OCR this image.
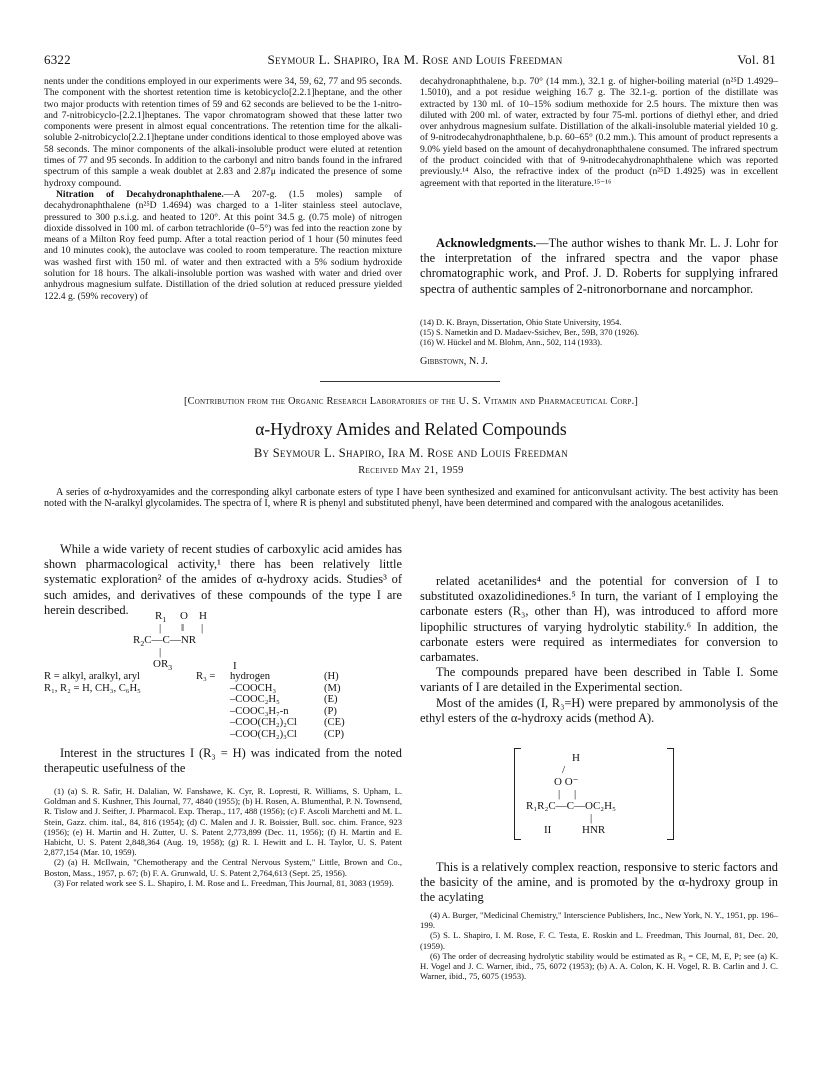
6322	Seymour L. Shapiro, Ira M. Rose and Louis Freedman	Vol. 81

nents under the conditions employed in our experiments were 34, 59, 62, 77 and 95 seconds. The component with the shortest retention time is ketobicyclo[2.2.1]heptane, and the other two major products with retention times of 59 and 62 seconds are believed to be the 1-nitro- and 7-nitrobicyclo-[2.2.1]heptanes. The vapor chromatogram showed that these latter two components were present in almost equal concentrations. The retention time for the alkali-soluble 2-nitrobicyclo[2.2.1]heptane under conditions identical to those employed above was 58 seconds. The minor components of the alkali-insoluble product were eluted at retention times of 77 and 95 seconds. In addition to the carbonyl and nitro bands found in the infrared spectrum of this sample a weak doublet at 2.83 and 2.87μ indicated the presence of some hydroxy compound.

Nitration of Decahydronaphthalene.—A 207-g. (1.5 moles) sample of decahydronaphthalene (n²⁵D 1.4694) was charged to a 1-liter stainless steel autoclave, pressured to 300 p.s.i.g. and heated to 120°. At this point 34.5 g. (0.75 mole) of nitrogen dioxide dissolved in 100 ml. of carbon tetrachloride (0–5°) was fed into the reaction zone by means of a Milton Roy feed pump. After a total reaction period of 1 hour (50 minutes feed and 10 minutes cook), the autoclave was cooled to room temperature. The reaction mixture was washed first with 150 ml. of water and then extracted with a 5% sodium hydroxide solution for 18 hours. The alkali-insoluble portion was washed with water and dried over anhydrous magnesium sulfate. Distillation of the dried solution at reduced pressure yielded 122.4 g. (59% recovery) of

decahydronaphthalene, b.p. 70° (14 mm.), 32.1 g. of higher-boiling material (n²⁵D 1.4929–1.5010), and a pot residue weighing 16.7 g. The 32.1-g. portion of the distillate was extracted by 130 ml. of 10–15% sodium methoxide for 2.5 hours. The mixture then was diluted with 200 ml. of water, extracted by four 75-ml. portions of diethyl ether, and dried over anhydrous magnesium sulfate. Distillation of the alkali-insoluble material yielded 10 g. of 9-nitrodecahydronaphthalene, b.p. 60–65° (0.2 mm.). This amount of product represents a 9.0% yield based on the amount of decahydronaphthalene consumed. The infrared spectrum of the product coincided with that of 9-nitrodecahydronaphthalene which was reported previously.¹⁴ Also, the refractive index of the product (n²⁵D 1.4925) was in excellent agreement with that reported in the literature.¹⁵⁻¹⁶

Acknowledgments.—The author wishes to thank Mr. L. J. Lohr for the interpretation of the infrared spectra and the vapor phase chromatographic work, and Prof. J. D. Roberts for supplying infrared spectra of authentic samples of 2-nitronorbornane and norcamphor.

(14) D. K. Brayn, Dissertation, Ohio State University, 1954.
(15) S. Nametkin and D. Madaev-Ssichev, Ber., 59B, 370 (1926).
(16) W. Hückel and M. Blohm, Ann., 502, 114 (1933).
Gibbstown, N. J.
[Contribution from the Organic Research Laboratories of the U. S. Vitamin and Pharmaceutical Corp.]
α-Hydroxy Amides and Related Compounds
By Seymour L. Shapiro, Ira M. Rose and Louis Freedman
Received May 21, 1959
A series of α-hydroxyamides and the corresponding alkyl carbonate esters of type I have been synthesized and examined for anticonvulsant activity. The best activity has been noted with the N-aralkyl glycolamides. The spectra of I, where R is phenyl and substituted phenyl, have been determined and compared with the analogous acetanilides.

While a wide variety of recent studies of carboxylic acid amides has shown pharmacological activity,¹ there has been relatively little systematic exploration² of the amides of α-hydroxy acids. Studies³ of such amides, and derivatives of these compounds of the type I are herein described.	$R_1$ O H
| ‖ |
$R_2C—C—NR$
|
$OR_3$	I
R = alkyl, aralkyl, aryl	R₃ =	hydrogen	(H)
R₁, R₂ = H, CH₃, C₆H₅		–COOCH₃	(M)
		–COOC₂H₅	(E)
		–COOC₃H₇-n	(P)
		–COO(CH₂)₂Cl	(CE)
		–COO(CH₂)₃Cl	(CP)

Interest in the structures I (R₃ = H) was indicated from the noted therapeutic usefulness of the

(1) (a) S. R. Safir, H. Dalalian, W. Fanshawe, K. Cyr, R. Lopresti, R. Williams, S. Upham, L. Goldman and S. Kushner, This Journal, 77, 4840 (1955); (b) H. Rosen, A. Blumenthal, P. N. Townsend, R. Tislow and J. Seifter, J. Pharmacol. Exp. Therap., 117, 488 (1956); (c) F. Ascoli Marchetti and M. L. Stein, Gazz. chim. ital., 84, 816 (1954); (d) C. Malen and J. R. Boissier, Bull. soc. chim. France, 923 (1956); (e) H. Martin and H. Zutter, U. S. Patent 2,773,899 (Dec. 11, 1956); (f) H. Martin and E. Habicht, U. S. Patent 2,848,364 (Aug. 19, 1958); (g) R. I. Hewitt and L. H. Taylor, U. S. Patent 2,877,154 (Mar. 10, 1959).

(2) (a) H. McIlwain, "Chemotherapy and the Central Nervous System," Little, Brown and Co., Boston, Mass., 1957, p. 67; (b) F. A. Grunwald, U. S. Patent 2,764,613 (Sept. 25, 1956).

(3) For related work see S. L. Shapiro, I. M. Rose and L. Freedman, This Journal, 81, 3083 (1959).

related acetanilides⁴ and the potential for conversion of I to substituted oxazolidinediones.⁵ In turn, the variant of I employing the carbonate esters (R₃, other than H), was introduced to afford more lipophilic structures of varying hydrolytic stability.⁶ In addition, the carbonate esters were required as intermediates for conversion to carbamates.

The compounds prepared have been described in Table I. Some variants of I are detailed in the Experimental section.

Most of the amides (I, R₃=H) were prepared by ammonolysis of the ethyl esters of the α-hydroxy acids (method A).

H
/
O O⁻
|     |
R₁R₂C—C—OC₂H₅
|
II	HNR

This is a relatively complex reaction, responsive to steric factors and the basicity of the amine, and is promoted by the α-hydroxy group in the acylating

(4) A. Burger, "Medicinal Chemistry," Interscience Publishers, Inc., New York, N. Y., 1951, pp. 196–199.

(5) S. L. Shapiro, I. M. Rose, F. C. Testa, E. Roskin and L. Freedman, This Journal, 81, Dec. 20, (1959).

(6) The order of decreasing hydrolytic stability would be estimated as R₃ = CE, M, E, P; see (a) K. H. Vogel and J. C. Warner, ibid., 75, 6072 (1953); (b) A. A. Colon, K. H. Vogel, R. B. Carlin and J. C. Warner, ibid., 75, 6075 (1953).
